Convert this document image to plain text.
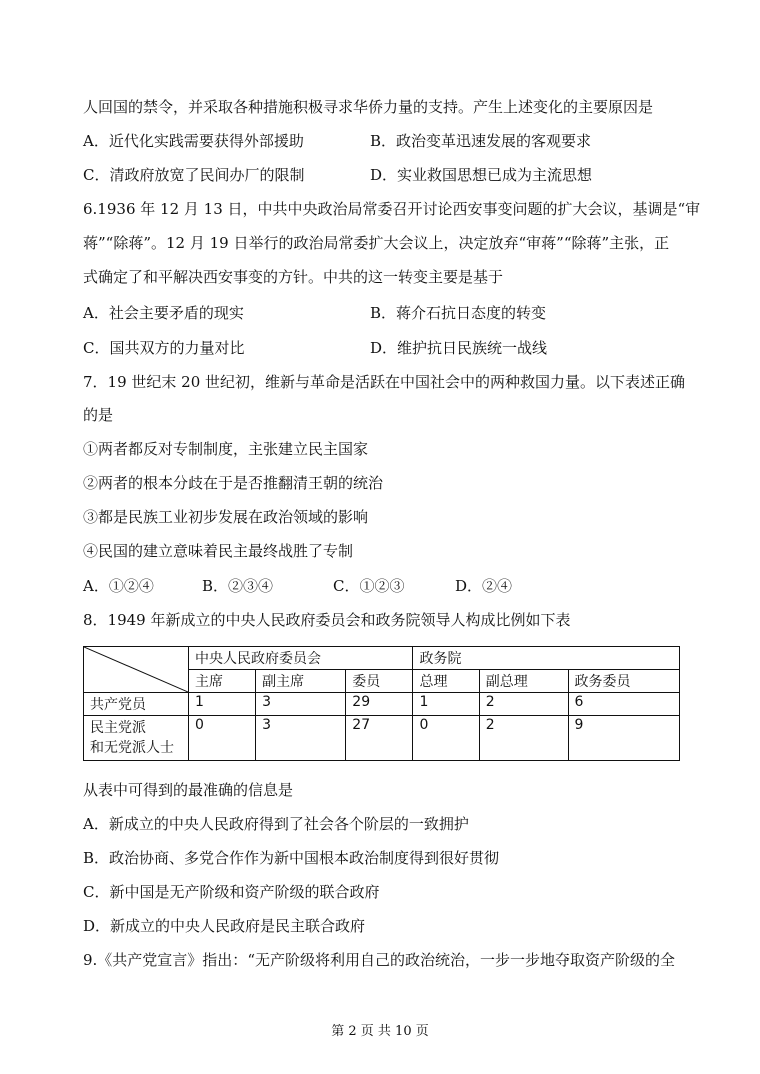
人回国的禁令，并采取各种措施积极寻求华侨力量的支持。产生上述变化的主要原因是
A．近代化实践需要获得外部援助	B．政治变革迅速发展的客观要求
C．清政府放宽了民间办厂的限制	D．实业救国思想已成为主流思想
6.1936 年 12 月 13 日，中共中央政治局常委召开讨论西安事变问题的扩大会议，基调是“审
蒋”“除蒋”。12 月 19 日举行的政治局常委扩大会议上，决定放弃“审蒋”“除蒋”主张，正
式确定了和平解决西安事变的方针。中共的这一转变主要是基于
A．社会主要矛盾的现实	B．蒋介石抗日态度的转变
C．国共双方的力量对比	D．维护抗日民族统一战线
7．19 世纪末 20 世纪初，维新与革命是活跃在中国社会中的两种救国力量。以下表述正确
的是
①两者都反对专制制度，主张建立民主国家
②两者的根本分歧在于是否推翻清王朝的统治
③都是民族工业初步发展在政治领域的影响
④民国的建立意味着民主最终战胜了专制
A．①②④	B．②③④	C．①②③	D．②④
8．1949 年新成立的中央人民政府委员会和政务院领导人构成比例如下表
	中央人民政府委员会			政务院		
	主席	副主席	委员	总理	副总理	政务委员
共产党员	1	3	29	1	2	6

民主党派
和无党派人士	0	3	27	0	2	9
从表中可得到的最准确的信息是
A．新成立的中央人民政府得到了社会各个阶层的一致拥护
B．政治协商、多党合作作为新中国根本政治制度得到很好贯彻
C．新中国是无产阶级和资产阶级的联合政府
D．新成立的中央人民政府是民主联合政府
9.《共产党宣言》指出：“无产阶级将利用自己的政治统治，一步一步地夺取资产阶级的全
第 2 页 共 10 页
